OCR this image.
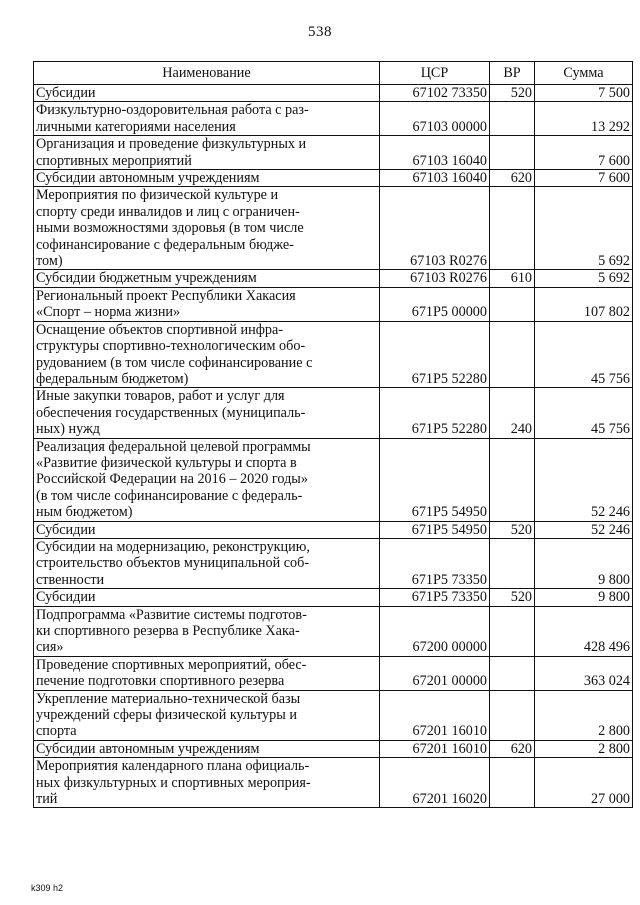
538
Наименование	ЦСР	ВР	Сумма
Субсидии	67102 73350	520	7 500
Физкультурно-оздоровительная работа с раз-
личными категориями населения	67103 00000		13 292
Организация и проведение физкультурных и
спортивных мероприятий	67103 16040		7 600
Субсидии автономным учреждениям	67103 16040	620	7 600
Мероприятия по физической культуре и
спорту среди инвалидов и лиц с ограничен-
ными возможностями здоровья (в том числе
софинансирование с федеральным бюдже-
том)	67103 R0276		5 692
Субсидии бюджетным учреждениям	67103 R0276	610	5 692
Региональный проект Республики Хакасия
«Спорт – норма жизни»	671P5 00000		107 802
Оснащение объектов спортивной инфра-
структуры спортивно-технологическим обо-
рудованием (в том числе софинансирование с
федеральным бюджетом)	671P5 52280		45 756
Иные закупки товаров, работ и услуг для
обеспечения государственных (муниципаль-
ных) нужд	671P5 52280	240	45 756
Реализация федеральной целевой программы
«Развитие физической культуры и спорта в
Российской Федерации на 2016 – 2020 годы»
(в том числе софинансирование с федераль-
ным бюджетом)	671P5 54950		52 246
Субсидии	671P5 54950	520	52 246
Субсидии на модернизацию, реконструкцию,
строительство объектов муниципальной соб-
ственности	671P5 73350		9 800
Субсидии	671P5 73350	520	9 800
Подпрограмма «Развитие системы подготов-
ки спортивного резерва в Республике Хака-
сия»	67200 00000		428 496
Проведение спортивных мероприятий, обес-
печение подготовки спортивного резерва	67201 00000		363 024
Укрепление материально-технической базы
учреждений сферы физической культуры и
спорта	67201 16010		2 800
Субсидии автономным учреждениям	67201 16010	620	2 800
Мероприятия календарного плана официаль-
ных физкультурных и спортивных мероприя-
тий	67201 16020		27 000
k309 h2
